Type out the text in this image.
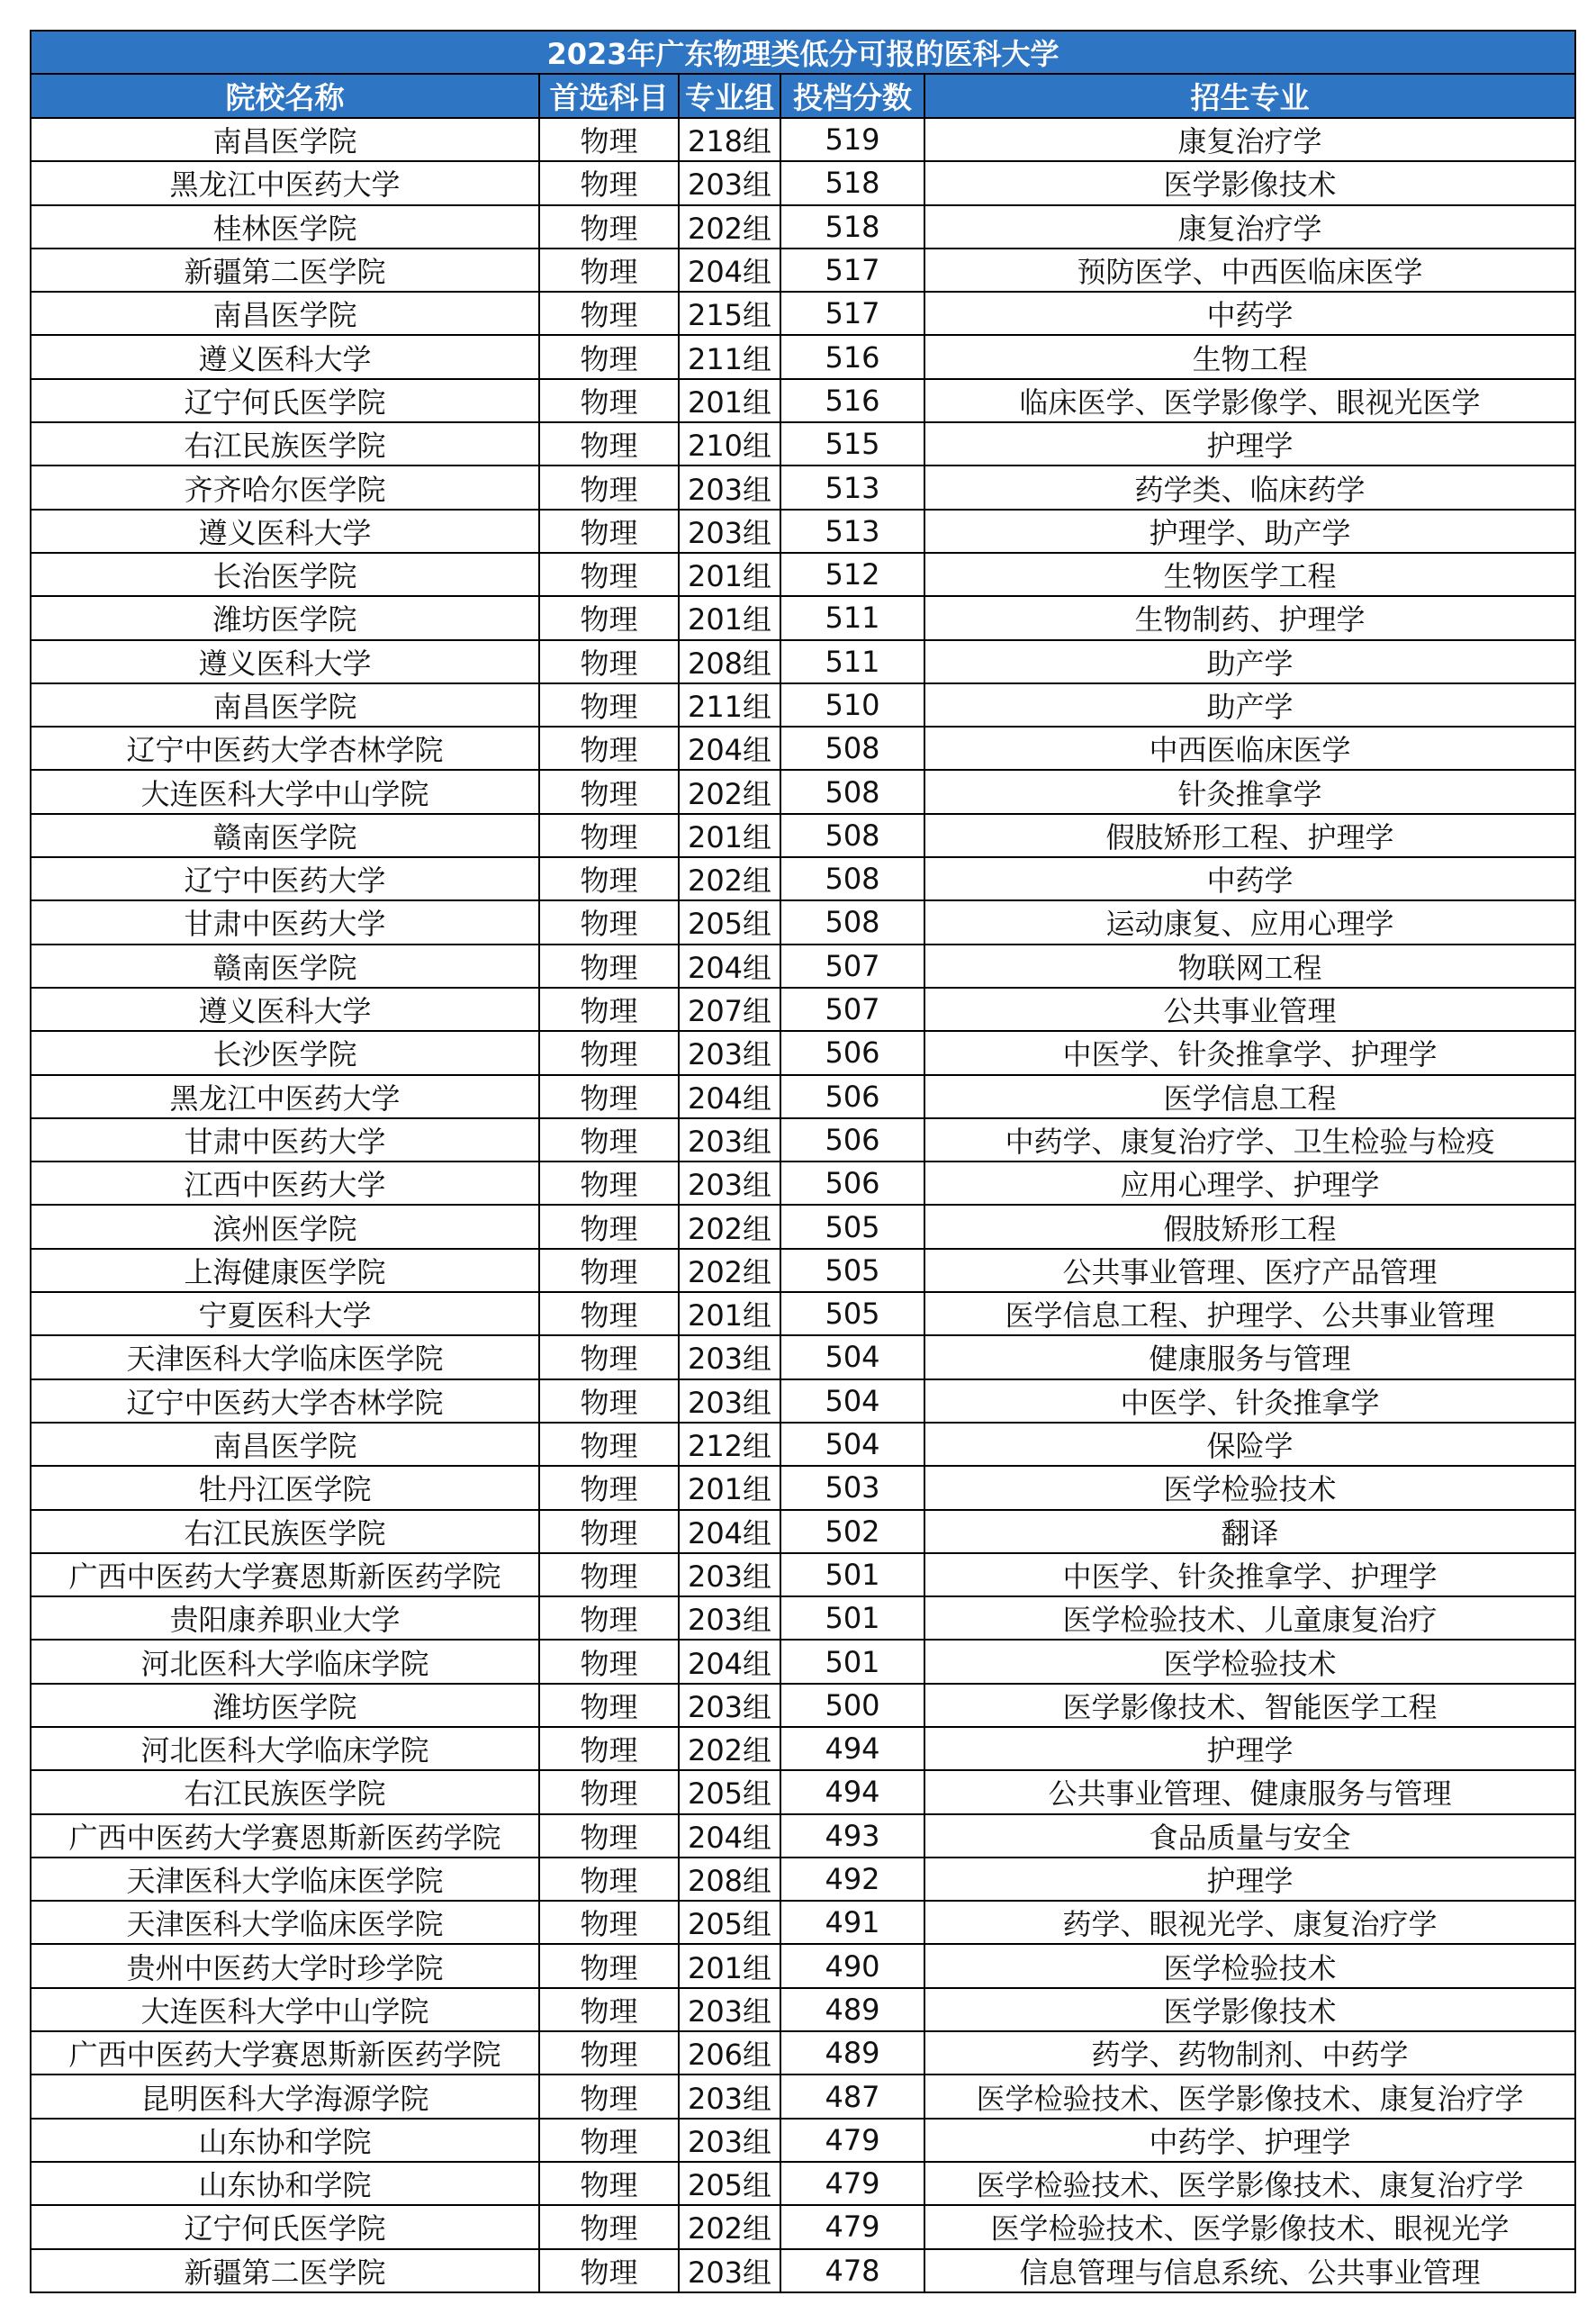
2023年广东物理类低分可报的医科大学				
院校名称	首选科目	专业组	投档分数	招生专业
南昌医学院	物理	218组	519	康复治疗学
黑龙江中医药大学	物理	203组	518	医学影像技术
桂林医学院	物理	202组	518	康复治疗学
新疆第二医学院	物理	204组	517	预防医学、中西医临床医学
南昌医学院	物理	215组	517	中药学
遵义医科大学	物理	211组	516	生物工程
辽宁何氏医学院	物理	201组	516	临床医学、医学影像学、眼视光医学
右江民族医学院	物理	210组	515	护理学
齐齐哈尔医学院	物理	203组	513	药学类、临床药学
遵义医科大学	物理	203组	513	护理学、助产学
长治医学院	物理	201组	512	生物医学工程
潍坊医学院	物理	201组	511	生物制药、护理学
遵义医科大学	物理	208组	511	助产学
南昌医学院	物理	211组	510	助产学
辽宁中医药大学杏林学院	物理	204组	508	中西医临床医学
大连医科大学中山学院	物理	202组	508	针灸推拿学
赣南医学院	物理	201组	508	假肢矫形工程、护理学
辽宁中医药大学	物理	202组	508	中药学
甘肃中医药大学	物理	205组	508	运动康复、应用心理学
赣南医学院	物理	204组	507	物联网工程
遵义医科大学	物理	207组	507	公共事业管理
长沙医学院	物理	203组	506	中医学、针灸推拿学、护理学
黑龙江中医药大学	物理	204组	506	医学信息工程
甘肃中医药大学	物理	203组	506	中药学、康复治疗学、卫生检验与检疫
江西中医药大学	物理	203组	506	应用心理学、护理学
滨州医学院	物理	202组	505	假肢矫形工程
上海健康医学院	物理	202组	505	公共事业管理、医疗产品管理
宁夏医科大学	物理	201组	505	医学信息工程、护理学、公共事业管理
天津医科大学临床医学院	物理	203组	504	健康服务与管理
辽宁中医药大学杏林学院	物理	203组	504	中医学、针灸推拿学
南昌医学院	物理	212组	504	保险学
牡丹江医学院	物理	201组	503	医学检验技术
右江民族医学院	物理	204组	502	翻译
广西中医药大学赛恩斯新医药学院	物理	203组	501	中医学、针灸推拿学、护理学
贵阳康养职业大学	物理	203组	501	医学检验技术、儿童康复治疗
河北医科大学临床学院	物理	204组	501	医学检验技术
潍坊医学院	物理	203组	500	医学影像技术、智能医学工程
河北医科大学临床学院	物理	202组	494	护理学
右江民族医学院	物理	205组	494	公共事业管理、健康服务与管理
广西中医药大学赛恩斯新医药学院	物理	204组	493	食品质量与安全
天津医科大学临床医学院	物理	208组	492	护理学
天津医科大学临床医学院	物理	205组	491	药学、眼视光学、康复治疗学
贵州中医药大学时珍学院	物理	201组	490	医学检验技术
大连医科大学中山学院	物理	203组	489	医学影像技术
广西中医药大学赛恩斯新医药学院	物理	206组	489	药学、药物制剂、中药学
昆明医科大学海源学院	物理	203组	487	医学检验技术、医学影像技术、康复治疗学
山东协和学院	物理	203组	479	中药学、护理学
山东协和学院	物理	205组	479	医学检验技术、医学影像技术、康复治疗学
辽宁何氏医学院	物理	202组	479	医学检验技术、医学影像技术、眼视光学
新疆第二医学院	物理	203组	478	信息管理与信息系统、公共事业管理
